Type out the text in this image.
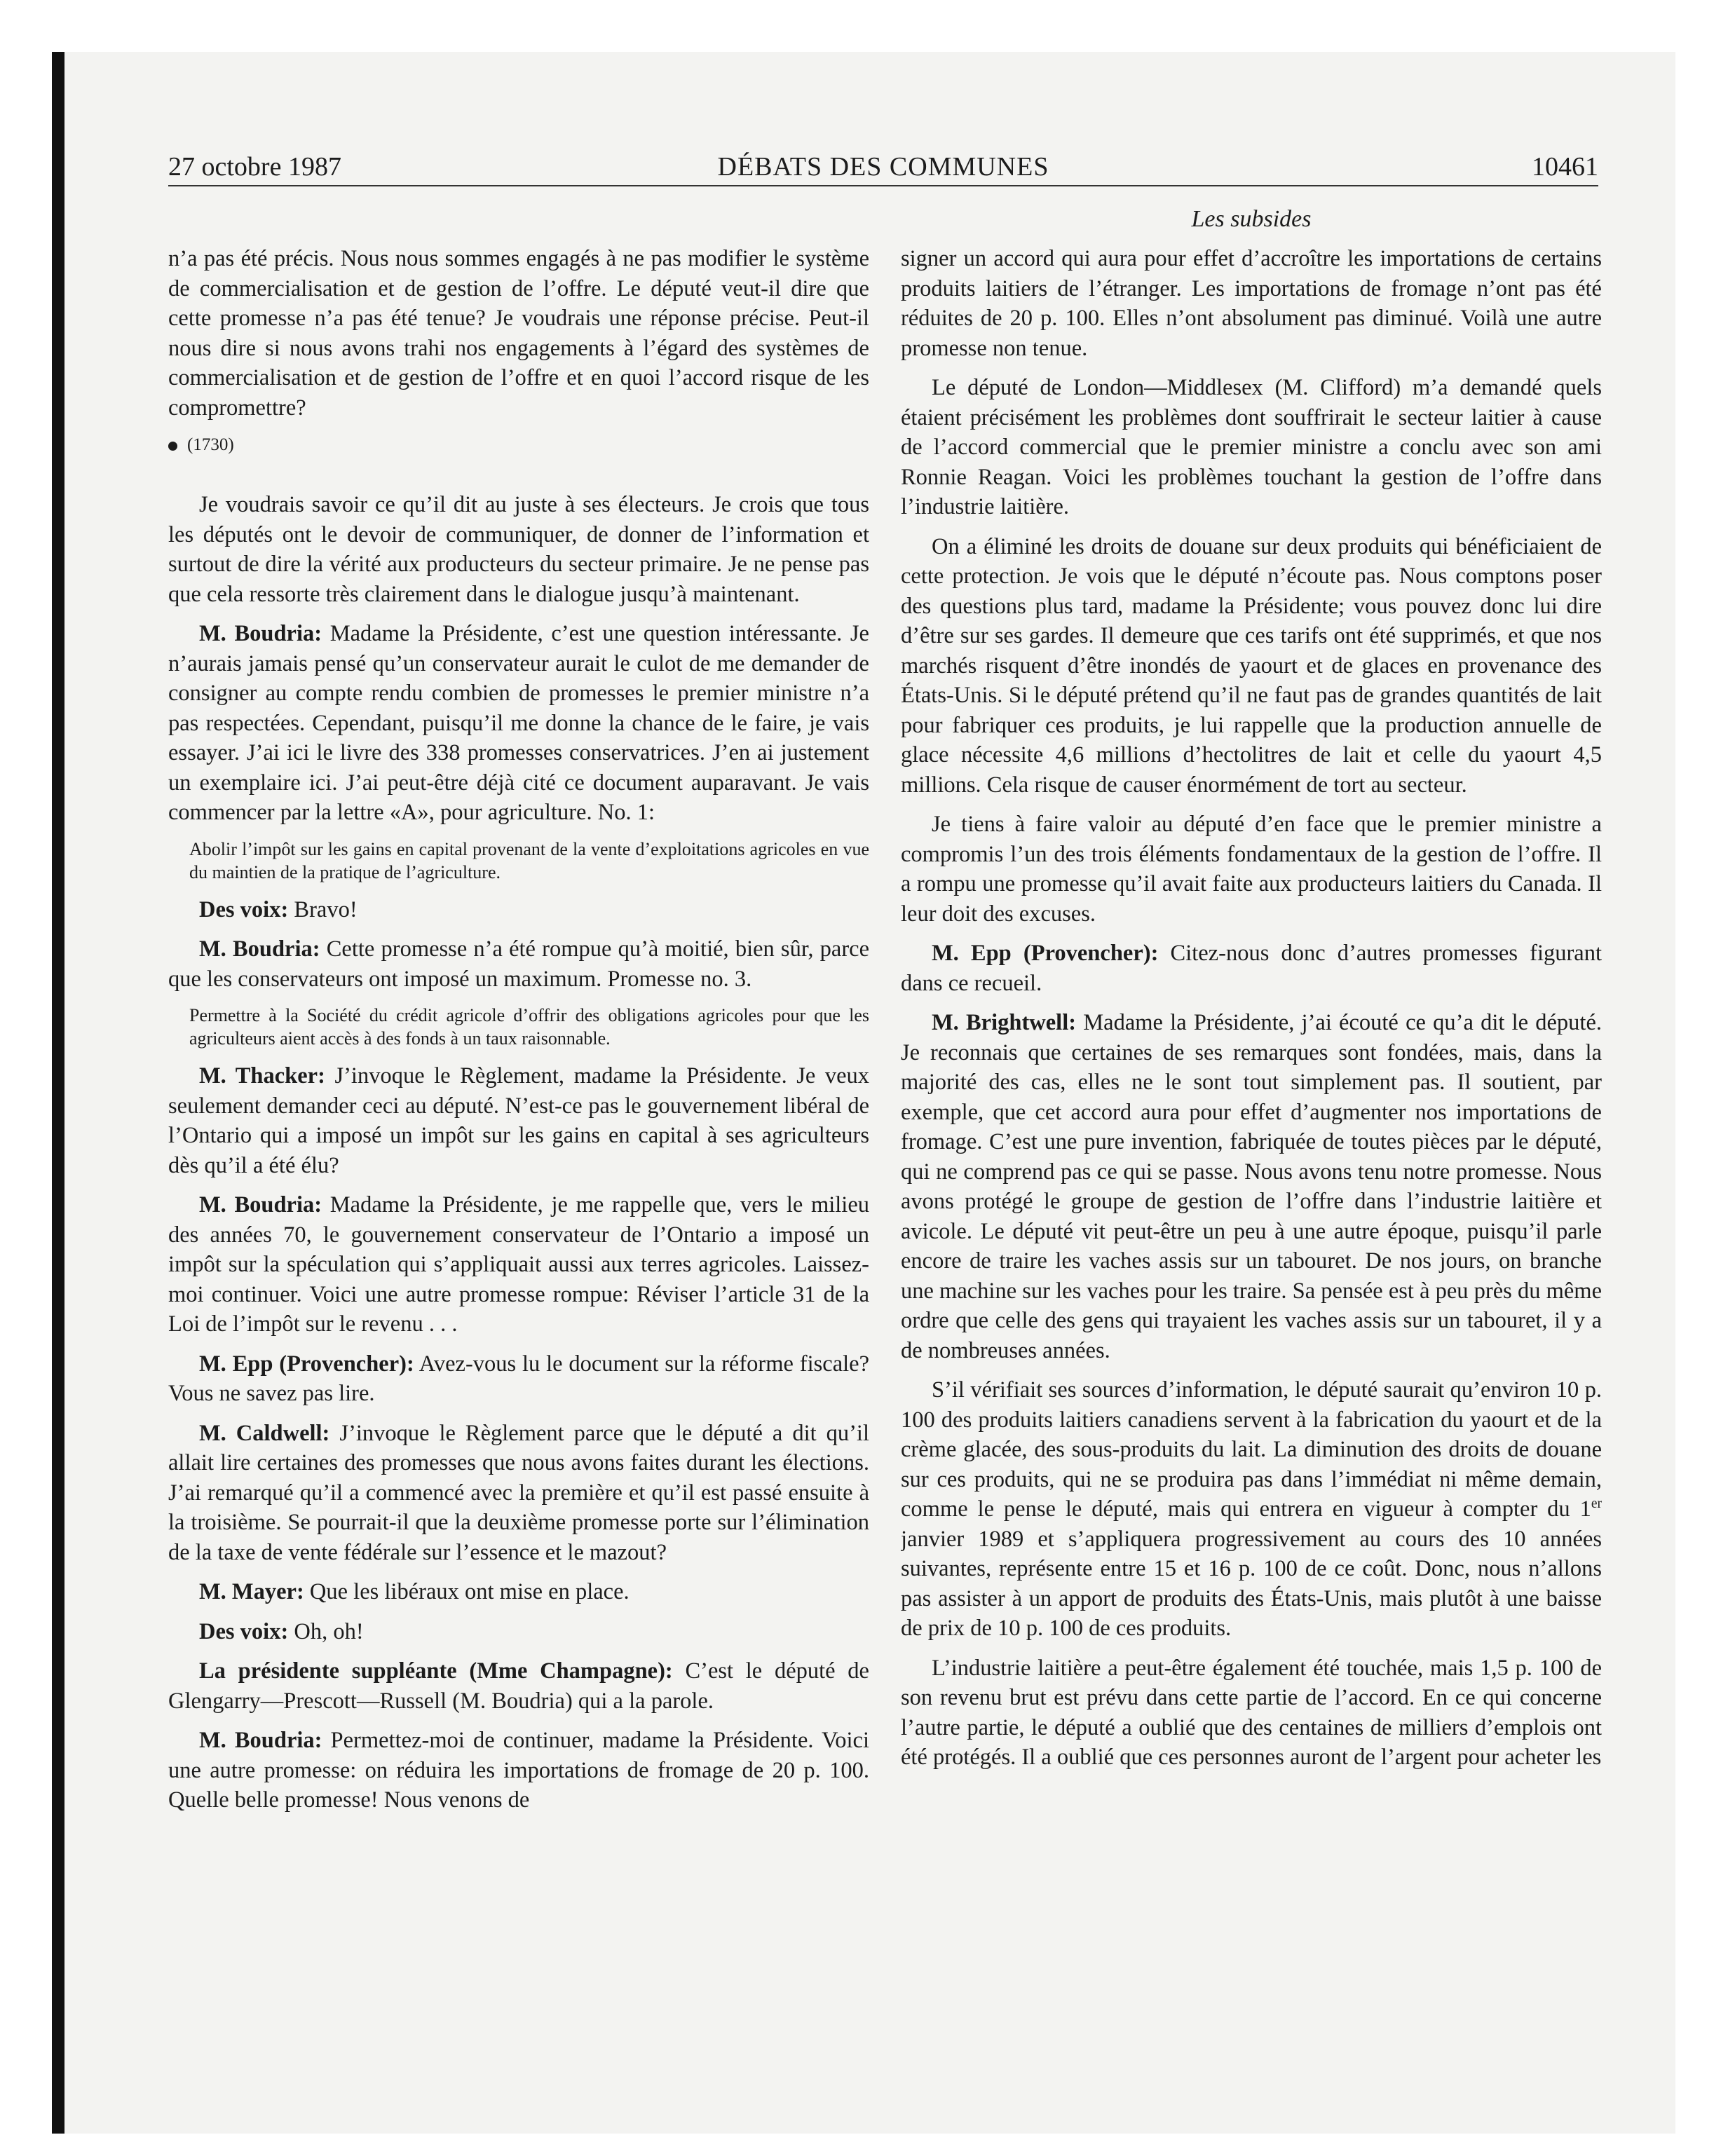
27 octobre 1987	DÉBATS DES COMMUNES	10461
Les subsides

n’a pas été précis. Nous nous sommes engagés à ne pas modifier le système de commercialisation et de gestion de l’offre. Le député veut-il dire que cette promesse n’a pas été tenue? Je voudrais une réponse précise. Peut-il nous dire si nous avons trahi nos engagements à l’égard des systèmes de commercialisation et de gestion de l’offre et en quoi l’accord risque de les compromettre?

(1730)

Je voudrais savoir ce qu’il dit au juste à ses électeurs. Je crois que tous les députés ont le devoir de communiquer, de donner de l’information et surtout de dire la vérité aux producteurs du secteur primaire. Je ne pense pas que cela ressorte très clairement dans le dialogue jusqu’à maintenant.

M. Boudria: Madame la Présidente, c’est une question intéressante. Je n’aurais jamais pensé qu’un conservateur aurait le culot de me demander de consigner au compte rendu combien de promesses le premier ministre n’a pas respectées. Cependant, puisqu’il me donne la chance de le faire, je vais essayer. J’ai ici le livre des 338 promesses conservatrices. J’en ai justement un exemplaire ici. J’ai peut-être déjà cité ce document auparavant. Je vais commencer par la lettre «A», pour agriculture. No. 1:

Abolir l’impôt sur les gains en capital provenant de la vente d’exploitations agricoles en vue du maintien de la pratique de l’agriculture.

Des voix: Bravo!

M. Boudria: Cette promesse n’a été rompue qu’à moitié, bien sûr, parce que les conservateurs ont imposé un maximum. Promesse no. 3.

Permettre à la Société du crédit agricole d’offrir des obligations agricoles pour que les agriculteurs aient accès à des fonds à un taux raisonnable.

M. Thacker: J’invoque le Règlement, madame la Présidente. Je veux seulement demander ceci au député. N’est-ce pas le gouvernement libéral de l’Ontario qui a imposé un impôt sur les gains en capital à ses agriculteurs dès qu’il a été élu?

M. Boudria: Madame la Présidente, je me rappelle que, vers le milieu des années 70, le gouvernement conservateur de l’Ontario a imposé un impôt sur la spéculation qui s’appliquait aussi aux terres agricoles. Laissez-moi continuer. Voici une autre promesse rompue: Réviser l’article 31 de la Loi de l’impôt sur le revenu . . .

M. Epp (Provencher): Avez-vous lu le document sur la réforme fiscale? Vous ne savez pas lire.

M. Caldwell: J’invoque le Règlement parce que le député a dit qu’il allait lire certaines des promesses que nous avons faites durant les élections. J’ai remarqué qu’il a commencé avec la première et qu’il est passé ensuite à la troisième. Se pourrait-il que la deuxième promesse porte sur l’élimination de la taxe de vente fédérale sur l’essence et le mazout?

M. Mayer: Que les libéraux ont mise en place.

Des voix: Oh, oh!

La présidente suppléante (Mme Champagne): C’est le député de Glengarry—Prescott—Russell (M. Boudria) qui a la parole.

M. Boudria: Permettez-moi de continuer, madame la Présidente. Voici une autre promesse: on réduira les importations de fromage de 20 p. 100. Quelle belle promesse! Nous venons de

signer un accord qui aura pour effet d’accroître les importations de certains produits laitiers de l’étranger. Les importations de fromage n’ont pas été réduites de 20 p. 100. Elles n’ont absolument pas diminué. Voilà une autre promesse non tenue.

Le député de London—Middlesex (M. Clifford) m’a demandé quels étaient précisément les problèmes dont souffrirait le secteur laitier à cause de l’accord commercial que le premier ministre a conclu avec son ami Ronnie Reagan. Voici les problèmes touchant la gestion de l’offre dans l’industrie laitière.

On a éliminé les droits de douane sur deux produits qui bénéficiaient de cette protection. Je vois que le député n’écoute pas. Nous comptons poser des questions plus tard, madame la Présidente; vous pouvez donc lui dire d’être sur ses gardes. Il demeure que ces tarifs ont été supprimés, et que nos marchés risquent d’être inondés de yaourt et de glaces en provenance des États-Unis. Si le député prétend qu’il ne faut pas de grandes quantités de lait pour fabriquer ces produits, je lui rappelle que la production annuelle de glace nécessite 4,6 millions d’hectolitres de lait et celle du yaourt 4,5 millions. Cela risque de causer énormément de tort au secteur.

Je tiens à faire valoir au député d’en face que le premier ministre a compromis l’un des trois éléments fondamentaux de la gestion de l’offre. Il a rompu une promesse qu’il avait faite aux producteurs laitiers du Canada. Il leur doit des excuses.

M. Epp (Provencher): Citez-nous donc d’autres promesses figurant dans ce recueil.

M. Brightwell: Madame la Présidente, j’ai écouté ce qu’a dit le député. Je reconnais que certaines de ses remarques sont fondées, mais, dans la majorité des cas, elles ne le sont tout simplement pas. Il soutient, par exemple, que cet accord aura pour effet d’augmenter nos importations de fromage. C’est une pure invention, fabriquée de toutes pièces par le député, qui ne comprend pas ce qui se passe. Nous avons tenu notre promesse. Nous avons protégé le groupe de gestion de l’offre dans l’industrie laitière et avicole. Le député vit peut-être un peu à une autre époque, puisqu’il parle encore de traire les vaches assis sur un tabouret. De nos jours, on branche une machine sur les vaches pour les traire. Sa pensée est à peu près du même ordre que celle des gens qui trayaient les vaches assis sur un tabouret, il y a de nombreuses années.

S’il vérifiait ses sources d’information, le député saurait qu’environ 10 p. 100 des produits laitiers canadiens servent à la fabrication du yaourt et de la crème glacée, des sous-produits du lait. La diminution des droits de douane sur ces produits, qui ne se produira pas dans l’immédiat ni même demain, comme le pense le député, mais qui entrera en vigueur à compter du 1er janvier 1989 et s’appliquera progressivement au cours des 10 années suivantes, représente entre 15 et 16 p. 100 de ce coût. Donc, nous n’allons pas assister à un apport de produits des États-Unis, mais plutôt à une baisse de prix de 10 p. 100 de ces produits.

L’industrie laitière a peut-être également été touchée, mais 1,5 p. 100 de son revenu brut est prévu dans cette partie de l’accord. En ce qui concerne l’autre partie, le député a oublié que des centaines de milliers d’emplois ont été protégés. Il a oublié que ces personnes auront de l’argent pour acheter les
